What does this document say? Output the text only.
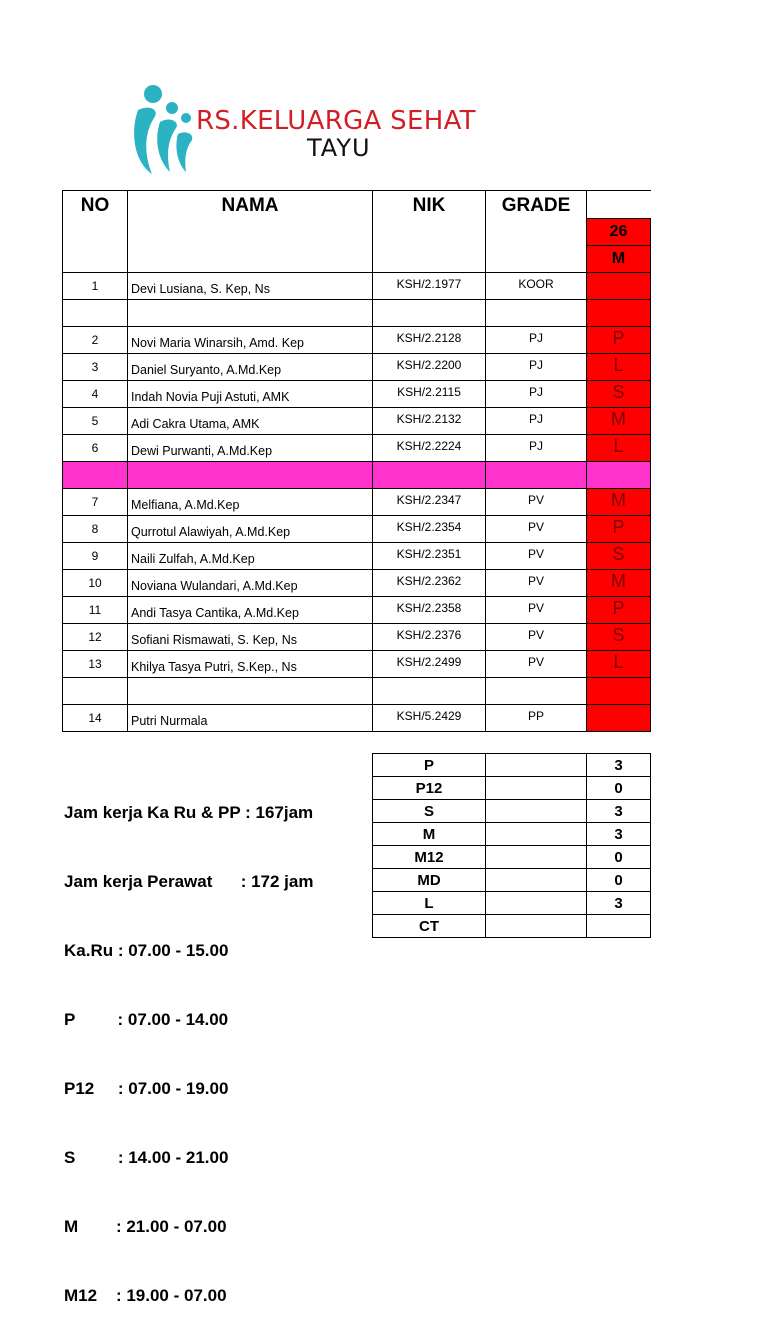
RS.KELUARGA SEHAT
TAYU
NO	NAMA	NIK	GRADE	
				26
				M
1	Devi Lusiana, S. Kep, Ns	KSH/2.1977	KOOR	

2	Novi Maria Winarsih, Amd. Kep	KSH/2.2128	PJ	P
3	Daniel Suryanto, A.Md.Kep	KSH/2.2200	PJ	L
4	Indah Novia Puji Astuti, AMK	KSH/2.2115	PJ	S
5	Adi Cakra Utama, AMK	KSH/2.2132	PJ	M
6	Dewi Purwanti, A.Md.Kep	KSH/2.2224	PJ	L

7	Melfiana, A.Md.Kep	KSH/2.2347	PV	M
8	Qurrotul Alawiyah, A.Md.Kep	KSH/2.2354	PV	P
9	Naili Zulfah, A.Md.Kep	KSH/2.2351	PV	S
10	Noviana Wulandari, A.Md.Kep	KSH/2.2362	PV	M
11	Andi Tasya Cantika, A.Md.Kep	KSH/2.2358	PV	P
12	Sofiani Rismawati, S. Kep, Ns	KSH/2.2376	PV	S
13	Khilya Tasya Putri, S.Kep., Ns	KSH/2.2499	PV	L

14	Putri Nurmala	KSH/5.2429	PP	

Jam kerja Ka Ru & PP : 167jam

Jam kerja Perawat      : 172 jam

Ka.Ru : 07.00 - 15.00

P         : 07.00 - 14.00

P12     : 07.00 - 19.00

S         : 14.00 - 21.00

M        : 21.00 - 07.00

M12    : 19.00 - 07.00

P		3
P12		0
S		3
M		3
M12		0
MD		0
L		3
CT		
